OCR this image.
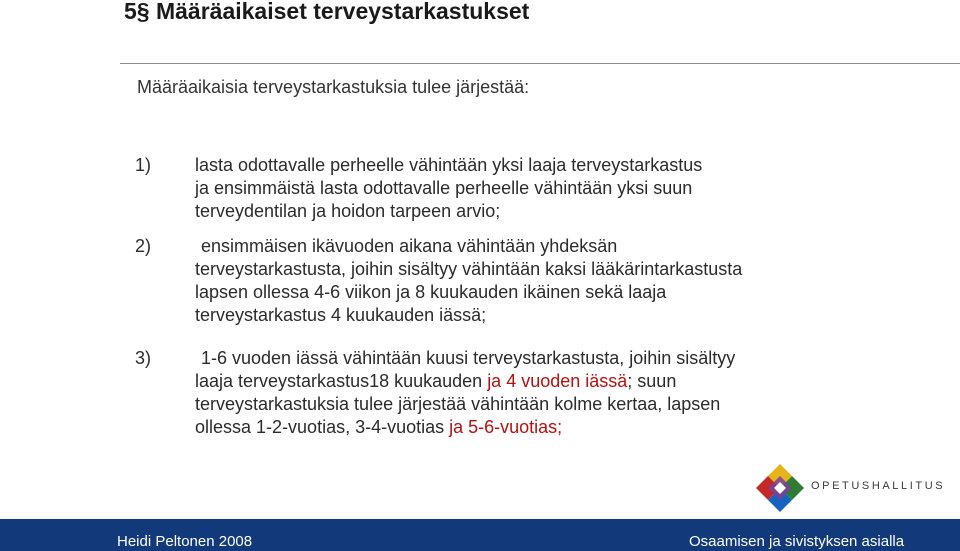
5§ Määräaikaiset terveystarkastukset
Määräaikaisia terveystarkastuksia tulee järjestää:
1) lasta odottavalle perheelle vähintään yksi laaja terveystarkastus
ja ensimmäistä lasta odottavalle perheelle vähintään yksi suun
terveydentilan ja hoidon tarpeen arvio;
2)	ensimmäisen ikävuoden aikana vähintään yhdeksän
terveystarkastusta, joihin sisältyy vähintään kaksi lääkärintarkastusta
lapsen ollessa 4-6 viikon ja 8 kuukauden ikäinen sekä laaja
terveystarkastus 4 kuukauden iässä;
3)	1-6 vuoden iässä vähintään kuusi terveystarkastusta, joihin sisältyy
laaja terveystarkastus18 kuukauden ja 4 vuoden iässä; suun
terveystarkastuksia tulee järjestää vähintään kolme kertaa, lapsen
ollessa 1-2-vuotias, 3-4-vuotias ja 5-6-vuotias;
OPETUSHALLITUS
Heidi Peltonen 2008	Osaamisen ja sivistyksen asialla
